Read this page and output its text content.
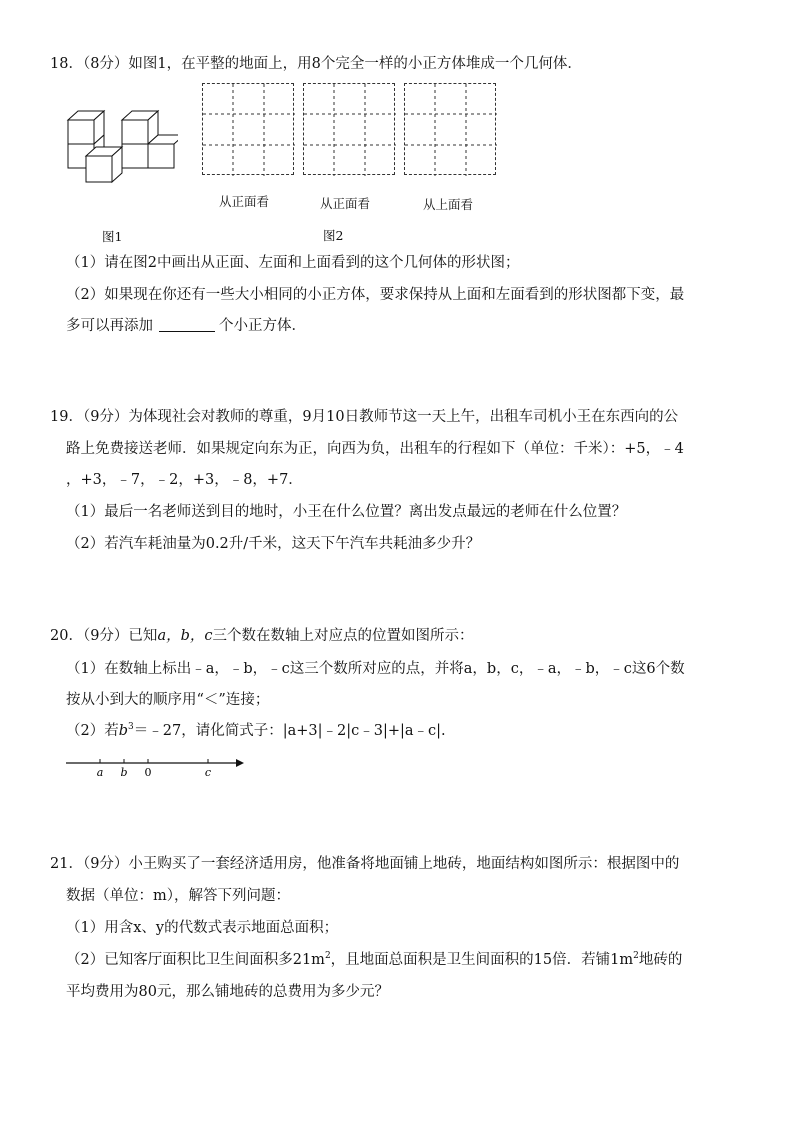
18．（8分）如图1，在平整的地面上，用8个完全一样的小正方体堆成一个几何体．
从正面看	从正面看	从上面看
图1	图2
（1）请在图2中画出从正面、左面和上面看到的这个几何体的形状图；
（2）如果现在你还有一些大小相同的小正方体，要求保持从上面和左面看到的形状图都下变，最
多可以再添加	个小正方体．
19．（9分）为体现社会对教师的尊重，9月10日教师节这一天上午，出租车司机小王在东西向的公
路上免费接送老师．如果规定向东为正，向西为负，出租车的行程如下（单位：千米）：+5，﹣4
，+3，﹣7，﹣2，+3，﹣8，+7．
（1）最后一名老师送到目的地时，小王在什么位置？离出发点最远的老师在什么位置？
（2）若汽车耗油量为0.2升/千米，这天下午汽车共耗油多少升？
20．（9分）已知a，b，c三个数在数轴上对应点的位置如图所示：
（1）在数轴上标出﹣a，﹣b，﹣c这三个数所对应的点，并将a，b，c，﹣a，﹣b，﹣c这6个数
按从小到大的顺序用“＜”连接；
（2）若$b^3=﹣27$，请化简式子：|a+3|﹣2|c﹣3|+|a﹣c|.
a b 0	c
21．（9分）小王购买了一套经济适用房，他准备将地面铺上地砖，地面结构如图所示：根据图中的
数据（单位：m），解答下列问题：
（1）用含x、y的代数式表示地面总面积；
（2）已知客厅面积比卫生间面积多$21m^2$，且地面总面积是卫生间面积的15倍．若铺$1m^2$地砖的
平均费用为80元，那么铺地砖的总费用为多少元？
